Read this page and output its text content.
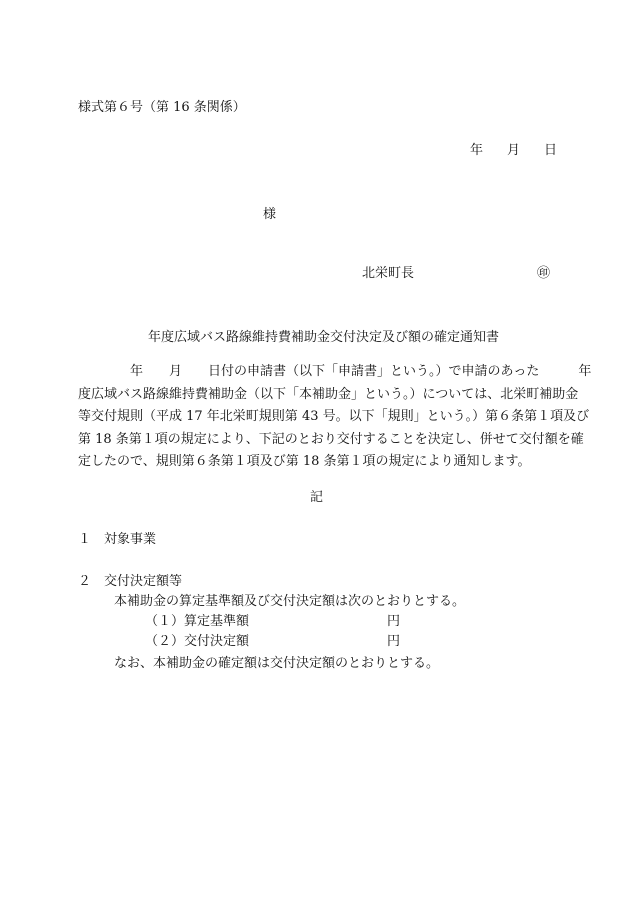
様式第６号（第 16 条関係）
年 月 日
様
北栄町長	㊞
年度広域バス路線維持費補助金交付決定及び額の確定通知書
　　　　年　　月　　日付の申請書（以下「申請書」という。）で申請のあった　　　年
度広域バス路線維持費補助金（以下「本補助金」という。）については、北栄町補助金
等交付規則（平成 17 年北栄町規則第 43 号。以下「規則」という。）第６条第１項及び
第 18 条第１項の規定により、下記のとおり交付することを決定し、併せて交付額を確
定したので、規則第６条第１項及び第 18 条第１項の規定により通知します。
記
１　対象事業
２　交付決定額等
本補助金の算定基準額及び交付決定額は次のとおりとする。
（１）算定基準額	円
（２）交付決定額	円
なお、本補助金の確定額は交付決定額のとおりとする。
